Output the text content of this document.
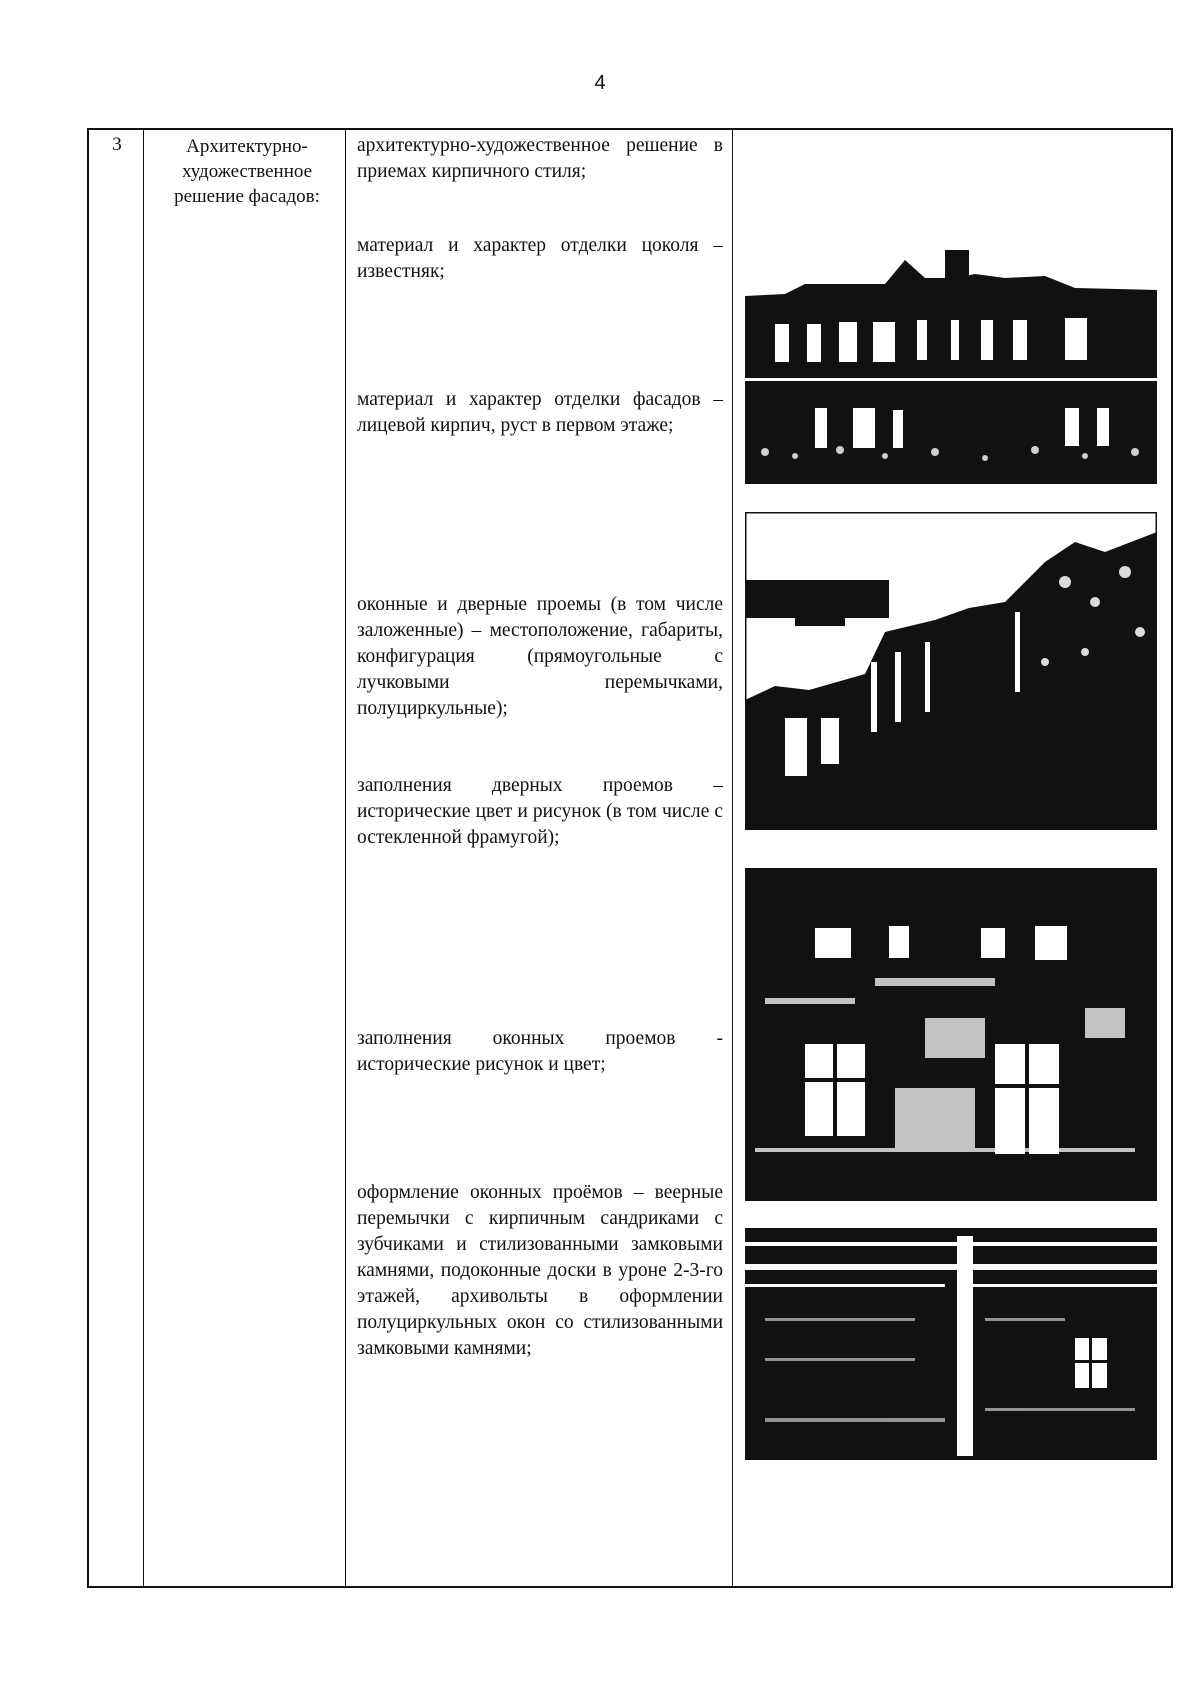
4
3	Архитектурно-художественное решение фасадов:
архитектурно-художественное решение в приемах кирпичного стиля;
материал и характер отделки цоколя – известняк;
материал и характер отделки фасадов – лицевой кирпич, руст в первом этаже;
оконные и дверные проемы (в том числе заложенные) – местоположение, габариты, конфигурация (прямоугольные с лучковыми перемычками, полуциркульные);
заполнения дверных проемов – исторические цвет и рисунок (в том числе с остекленной фрамугой);
заполнения оконных проемов - исторические рисунок и цвет;
оформление оконных проёмов – веерные перемычки с кирпичным сандриками с зубчиками и стилизованными замковыми камнями, подоконные доски в уроне 2-3-го этажей, архивольты в оформлении полуциркульных окон со стилизованными замковыми камнями;
